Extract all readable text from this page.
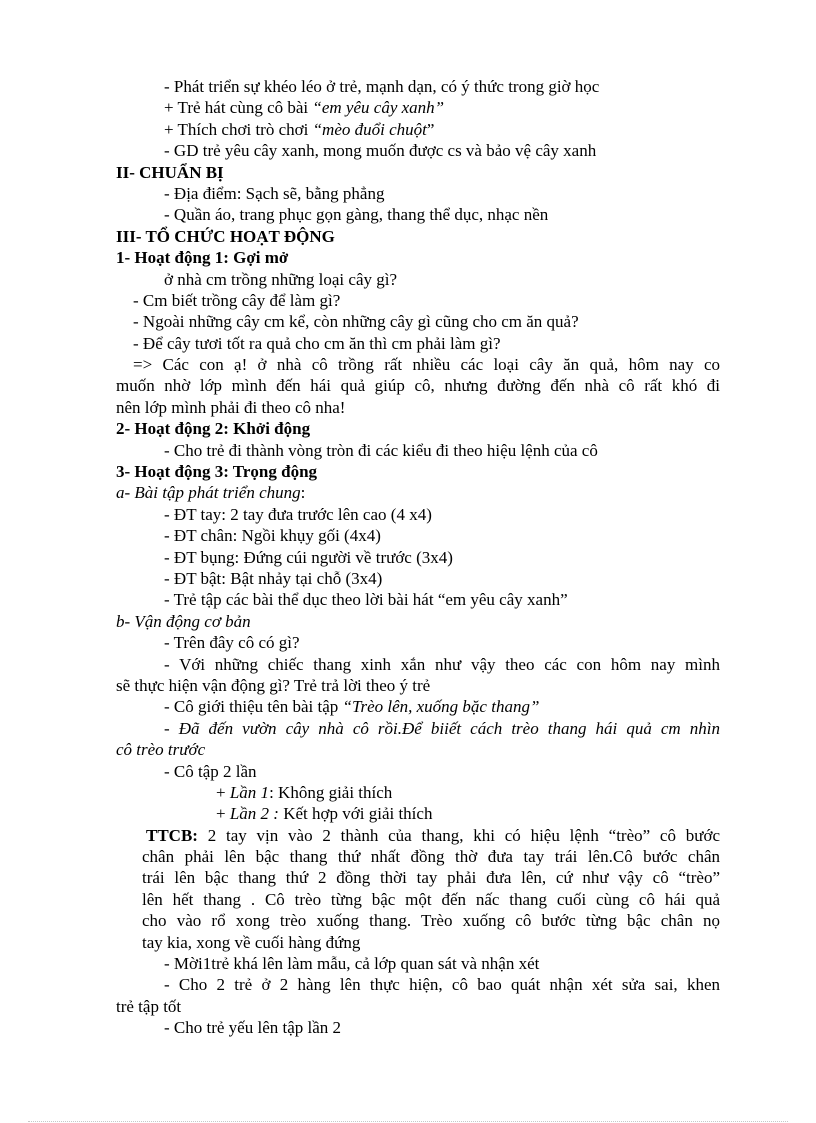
- Phát triển sự khéo léo ở trẻ, mạnh dạn, có ý thức trong giờ học
+ Trẻ hát cùng cô bài “em yêu cây xanh”
+ Thích chơi trò chơi “mèo đuổi chuột”
- GD trẻ yêu cây xanh, mong muốn được cs và bảo vệ cây xanh
II- CHUẨN BỊ
- Địa điểm: Sạch sẽ, bằng phẳng
- Quần áo, trang phục gọn gàng, thang thể dục, nhạc nền
III- TỔ CHỨC HOẠT ĐỘNG
1- Hoạt động 1: Gợi mở
ở nhà cm trồng những loại cây gì?
- Cm biết trồng cây để làm gì?
- Ngoài những cây cm kể, còn những cây gì cũng cho cm ăn quả?
- Để cây tươi tốt ra quả cho cm ăn thì cm phải làm gì?
=> Các con ạ! ở nhà cô trồng rất nhiều các loại cây ăn quả, hôm nay co
muốn nhờ lớp mình đến hái quả giúp cô, nhưng đường đến nhà cô rất khó đi
nên lớp mình phải đi theo cô nha!
2- Hoạt động 2: Khởi động
- Cho trẻ đi thành vòng tròn đi các kiểu đi theo hiệu lệnh của cô
3- Hoạt động 3: Trọng động
a- Bài tập phát triển chung:
- ĐT tay: 2 tay đưa trước lên cao (4 x4)
- ĐT chân: Ngồi khụy gối (4x4)
- ĐT bụng: Đứng cúi người về trước (3x4)
- ĐT bật: Bật nhảy tại chỗ (3x4)
- Trẻ tập các bài thể dục theo lời bài hát “em yêu cây xanh”
b- Vận động cơ bản
- Trên đây cô có gì?
- Với những chiếc thang xinh xắn như vậy theo các con hôm nay mình
sẽ thực hiện vận động gì? Trẻ trả lời theo ý trẻ
- Cô giới thiệu tên bài tập “Trèo lên, xuống bặc thang”
- Đã đến vườn cây nhà cô rồi.Để biiết cách trèo thang hái quả cm nhìn
cô trèo trước
- Cô tập 2 lần
+ Lần 1: Không giải thích
+ Lần 2 : Kết hợp với giải thích
TTCB: 2 tay vịn vào 2 thành của thang, khi có hiệu lệnh “trèo” cô bước
chân phải lên bậc thang thứ nhất đồng thờ đưa tay trái lên.Cô bước chân
trái lên bậc thang thứ 2 đồng thời tay phải đưa lên, cứ như vậy cô “trèo”
lên hết thang . Cô trèo từng bậc một đến nấc thang cuối cùng cô hái quả
cho vào rổ xong trèo xuống thang. Trèo xuống cô bước từng bậc chân nọ
tay kia, xong về cuối hàng đứng
- Mời1trẻ khá lên làm mẫu, cả lớp quan sát và nhận xét
- Cho 2 trẻ ở 2 hàng lên thực hiện, cô bao quát nhận xét sửa sai, khen
trẻ tập tốt
- Cho trẻ yếu lên tập lần 2
